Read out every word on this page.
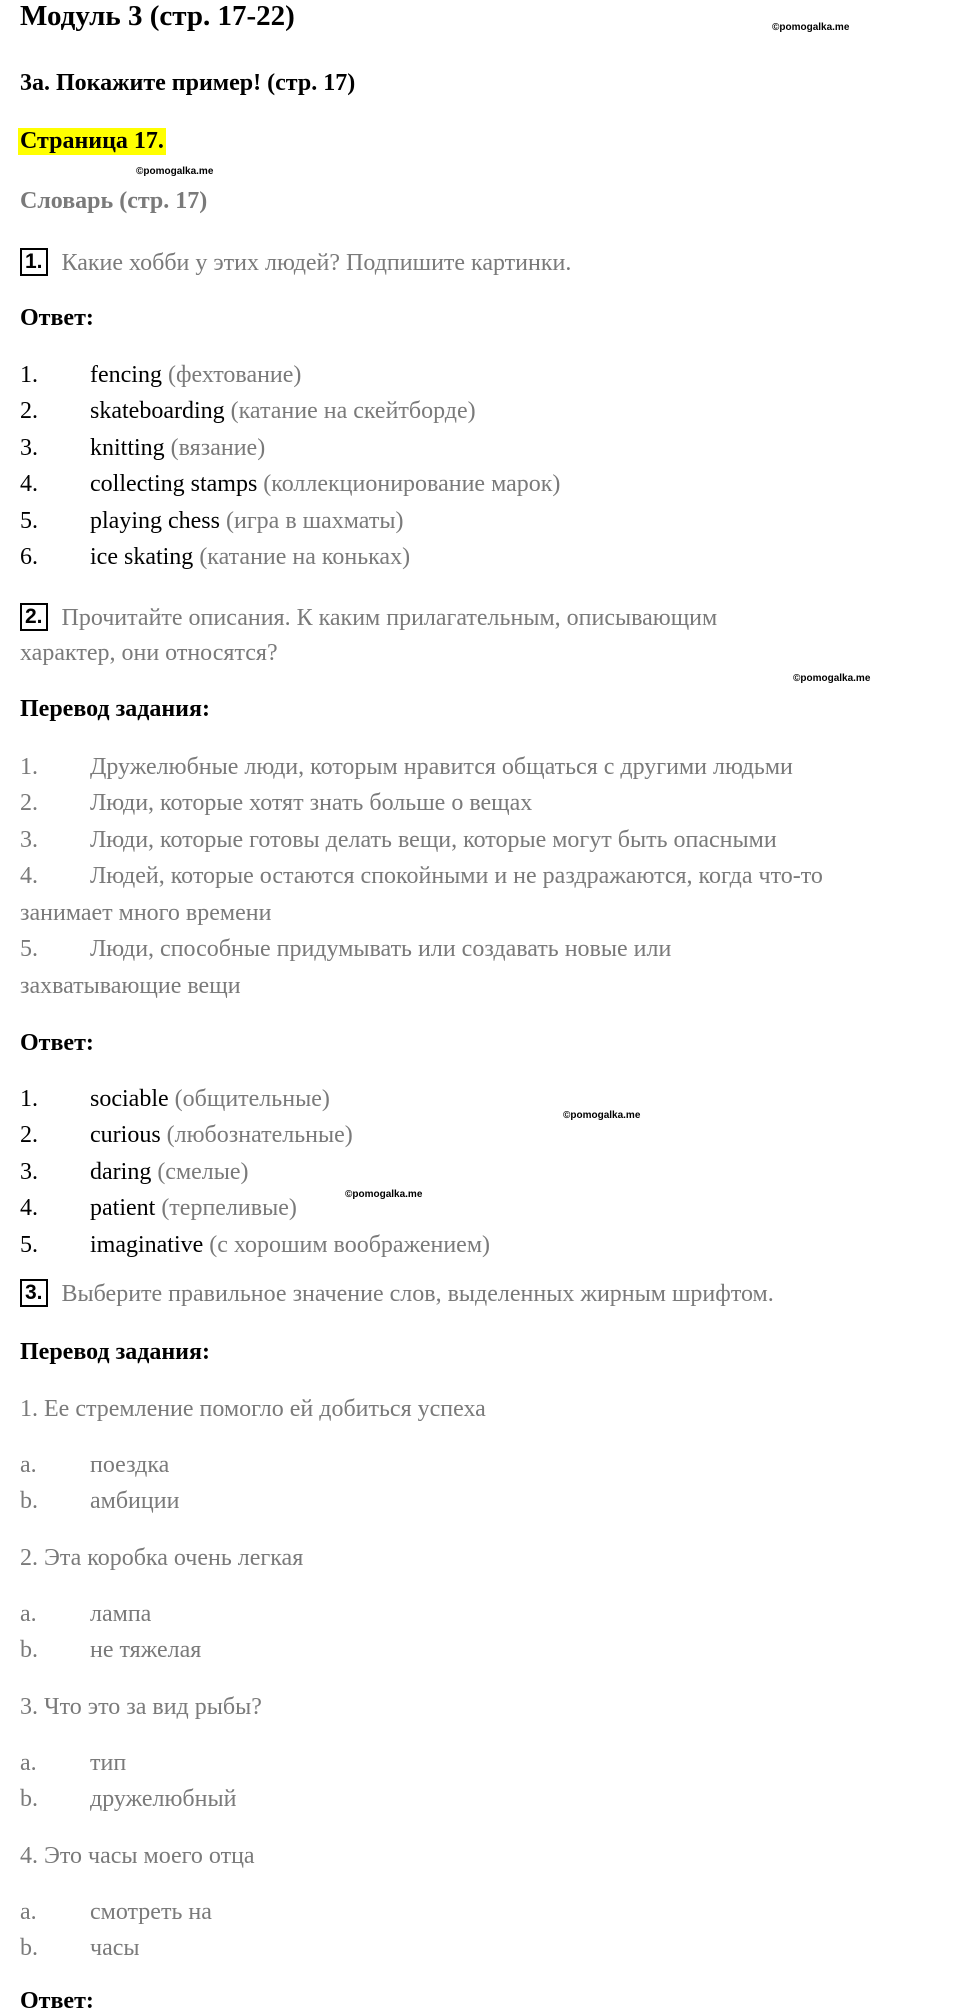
Модуль 3 (стр. 17-22)	©pomogalka.me
3a. Покажите пример! (стр. 17)
Страница 17.
©pomogalka.me
Словарь (стр. 17)
1. Какие хобби у этих людей? Подпишите картинки.
Ответ:
1. fencing (фехтование)
2. skateboarding (катание на скейтборде)
3. knitting (вязание)
4. collecting stamps (коллекционирование марок)
5. playing chess (игра в шахматы)
6. ice skating (катание на коньках)
2. Прочитайте описания. К каким прилагательным, описывающим
характер, они относятся?
©pomogalka.me
Перевод задания:
1. Дружелюбные люди, которым нравится общаться с другими людьми
2. Люди, которые хотят знать больше о вещах
3. Люди, которые готовы делать вещи, которые могут быть опасными
4. Людей, которые остаются спокойными и не раздражаются, когда что-то
занимает много времени
5. Люди, способные придумывать или создавать новые или
захватывающие вещи
Ответ:
1. sociable (общительные)
©pomogalka.me
2. curious (любознательные)
3. daring (смелые)
4. patient (терпеливые)
©pomogalka.me
5. imaginative (с хорошим воображением)
3. Выберите правильное значение слов, выделенных жирным шрифтом.
Перевод задания:
1. Ее стремление помогло ей добиться успеха
a. поездка
b. амбиции
2. Эта коробка очень легкая
a. лампа
b. не тяжелая
3. Что это за вид рыбы?
a. тип
b. дружелюбный
4. Это часы моего отца
a. смотреть на
b. часы
Ответ:
